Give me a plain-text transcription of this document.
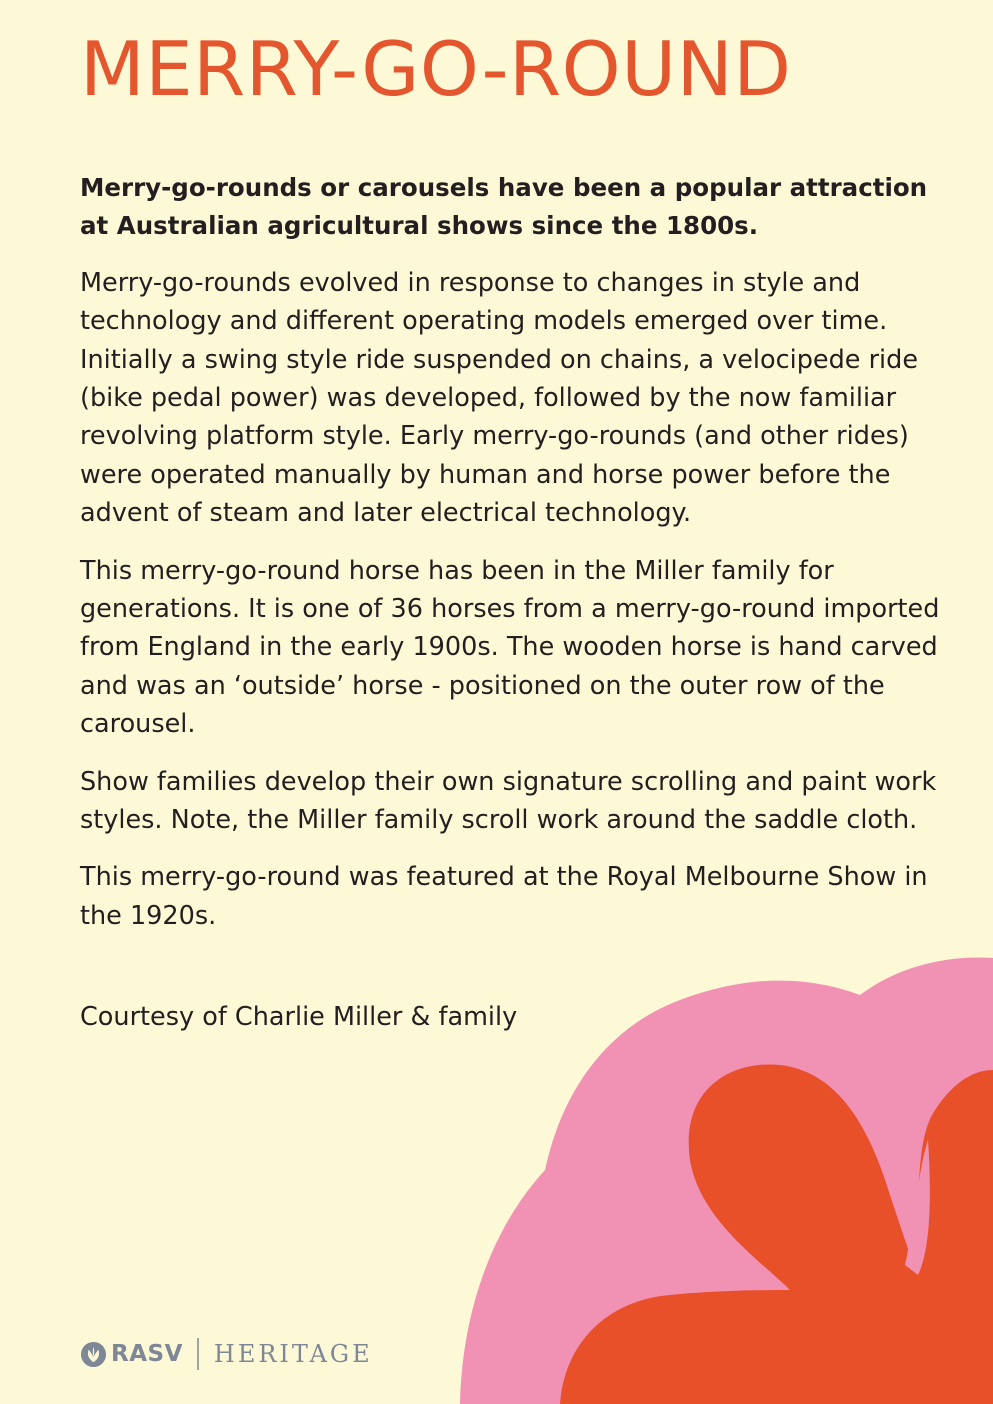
MERRY-GO-ROUND

Merry-go-rounds or carousels have been a popular attraction at Australian agricultural shows since the 1800s.

Merry-go-rounds evolved in response to changes in style and technology and different operating models emerged over time. Initially a swing style ride suspended on chains, a velocipede ride (bike pedal power) was developed, followed by the now familiar revolving platform style. Early merry-go-rounds (and other rides) were operated manually by human and horse power before the advent of steam and later electrical technology.

This merry-go-round horse has been in the Miller family for generations. It is one of 36 horses from a merry-go-round imported from England in the early 1900s. The wooden horse is hand carved and was an ‘outside’ horse - positioned on the outer row of the carousel.

Show families develop their own signature scrolling and paint work styles. Note, the Miller family scroll work around the saddle cloth.

This merry-go-round was featured at the Royal Melbourne Show in the 1920s.

Courtesy of Charlie Miller & family

RASV HERITAGE
